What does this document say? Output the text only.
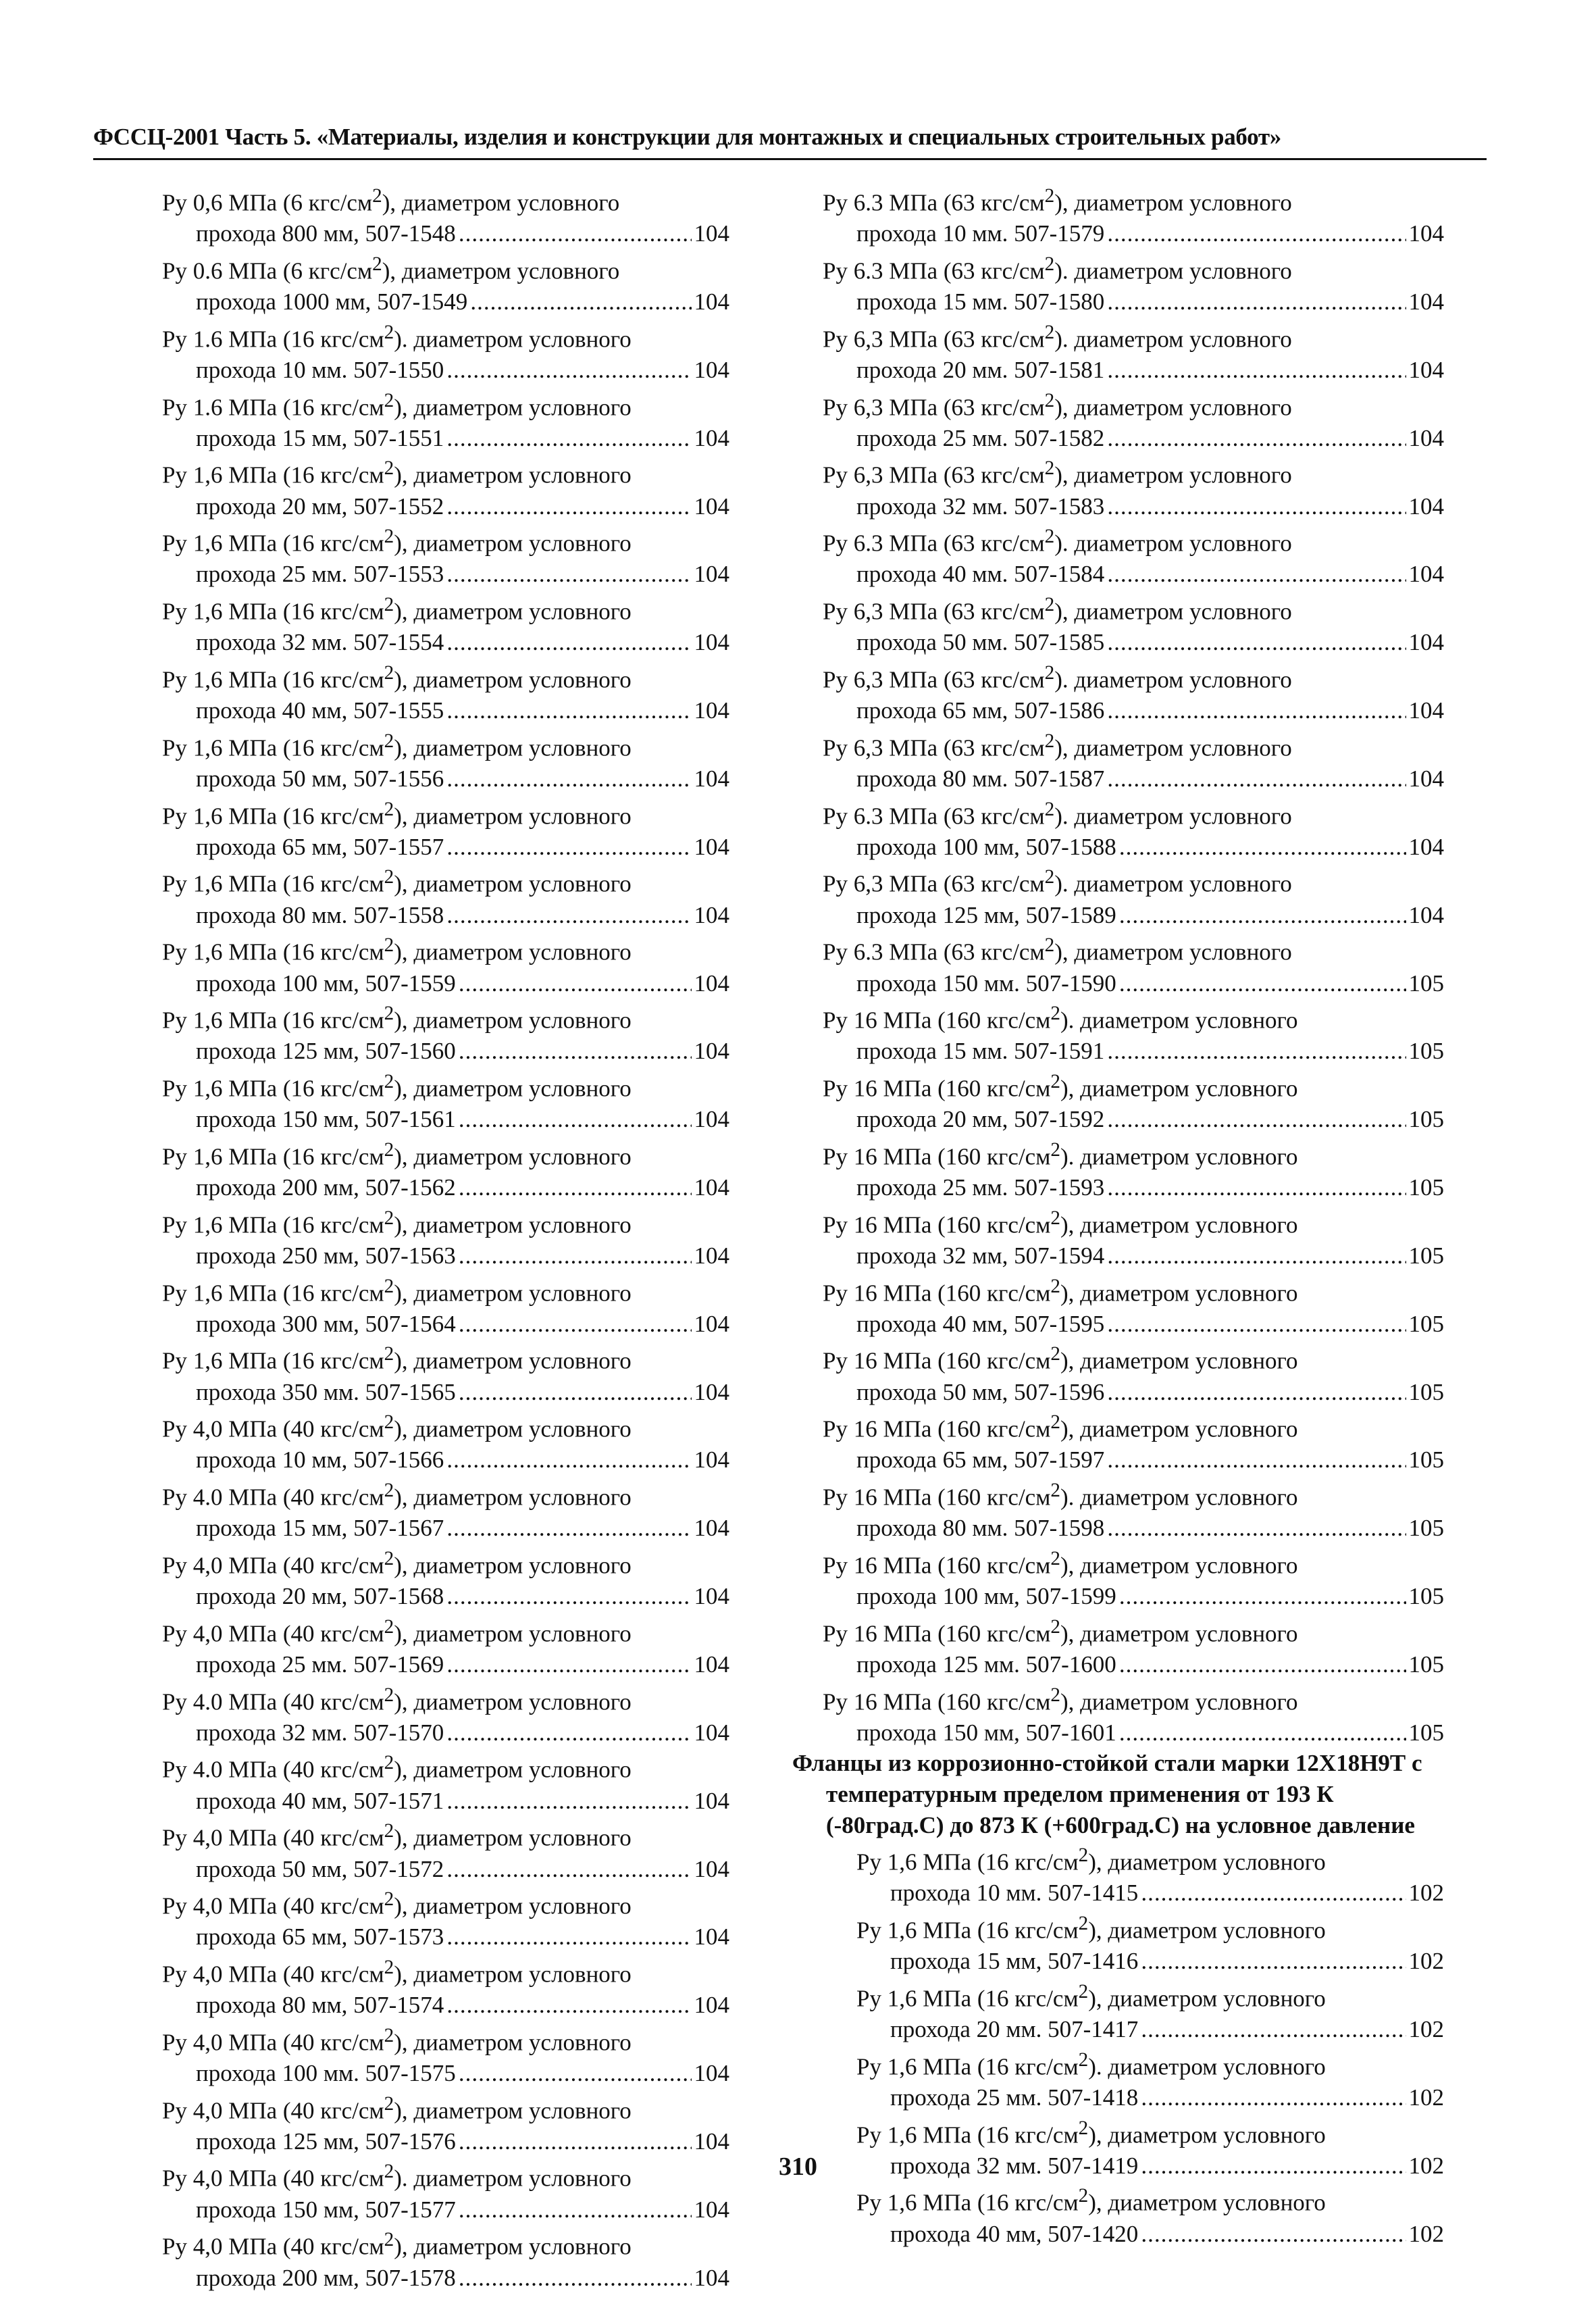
ФССЦ-2001 Часть 5. «Материалы, изделия и конструкции для монтажных и специальных строительных работ»
Ру 0,6 МПа (6 кгс/$см^2$), диаметром условного
прохода 800 мм, 507-1548 .....	104
Ру 0.6 МПа (6 кгс/$см^2$), диаметром условного
прохода 1000 мм, 507-1549 .....	104
Ру 1.6 МПа (16 кгс/$см^2$). диаметром условного
прохода 10 мм. 507-1550 .....	104
Ру 1.6 МПа (16 кгс/$см^2$), диаметром условного
прохода 15 мм, 507-1551 .....	104
Ру 1,6 МПа (16 кгс/$см^2$), диаметром условного
прохода 20 мм, 507-1552 .....	104
Ру 1,6 МПа (16 кгс/$см^2$), диаметром условного
прохода 25 мм. 507-1553 .....	104
Ру 1,6 МПа (16 кгс/$см^2$), диаметром условного
прохода 32 мм. 507-1554 .....	104
Ру 1,6 МПа (16 кгс/$см^2$), диаметром условного
прохода 40 мм, 507-1555 .....	104
Ру 1,6 МПа (16 кгс/$см^2$), диаметром условного
прохода 50 мм, 507-1556 .....	104
Ру 1,6 МПа (16 кгс/$см^2$), диаметром условного
прохода 65 мм, 507-1557 .....	104
Ру 1,6 МПа (16 кгс/$см^2$), диаметром условного
прохода 80 мм. 507-1558 .....	104
Ру 1,6 МПа (16 кгс/$см^2$), диаметром условного
прохода 100 мм, 507-1559 .....	104
Ру 1,6 МПа (16 кгс/$см^2$), диаметром условного
прохода 125 мм, 507-1560 .....	104
Ру 1,6 МПа (16 кгс/$см^2$), диаметром условного
прохода 150 мм, 507-1561 .....	104
Ру 1,6 МПа (16 кгс/$см^2$), диаметром условного
прохода 200 мм, 507-1562 .....	104
Ру 1,6 МПа (16 кгс/$см^2$), диаметром условного
прохода 250 мм, 507-1563 .....	104
Ру 1,6 МПа (16 кгс/$см^2$), диаметром условного
прохода 300 мм, 507-1564 .....	104
Ру 1,6 МПа (16 кгс/$см^2$), диаметром условного
прохода 350 мм. 507-1565 .....	104
Ру 4,0 МПа (40 кгс/$см^2$), диаметром условного
прохода 10 мм, 507-1566 .....	104
Ру 4.0 МПа (40 кгс/$см^2$), диаметром условного
прохода 15 мм, 507-1567 .....	104
Ру 4,0 МПа (40 кгс/$см^2$), диаметром условного
прохода 20 мм, 507-1568 .....	104
Ру 4,0 МПа (40 кгс/$см^2$), диаметром условного
прохода 25 мм. 507-1569 .....	104
Ру 4.0 МПа (40 кгс/$см^2$), диаметром условного
прохода 32 мм. 507-1570 .....	104
Ру 4.0 МПа (40 кгс/$см^2$), диаметром условного
прохода 40 мм, 507-1571 .....	104
Ру 4,0 МПа (40 кгс/$см^2$), диаметром условного
прохода 50 мм, 507-1572 .....	104
Ру 4,0 МПа (40 кгс/$см^2$), диаметром условного
прохода 65 мм, 507-1573 .....	104
Ру 4,0 МПа (40 кгс/$см^2$), диаметром условного
прохода 80 мм, 507-1574 .....	104
Ру 4,0 МПа (40 кгс/$см^2$), диаметром условного
прохода 100 мм. 507-1575 .....	104
Ру 4,0 МПа (40 кгс/$см^2$), диаметром условного
прохода 125 мм, 507-1576 .....	104
Ру 4,0 МПа (40 кгс/$см^2$). диаметром условного
прохода 150 мм, 507-1577 .....	104
Ру 4,0 МПа (40 кгс/$см^2$), диаметром условного
прохода 200 мм, 507-1578 .....	104
Ру 6.3 МПа (63 кгс/$см^2$), диаметром условного
прохода 10 мм. 507-1579 .....	104
Ру 6.3 МПа (63 кгс/$см^2$). диаметром условного
прохода 15 мм. 507-1580 .....	104
Ру 6,3 МПа (63 кгс/$см^2$). диаметром условного
прохода 20 мм. 507-1581 .....	104
Ру 6,3 МПа (63 кгс/$см^2$), диаметром условного
прохода 25 мм. 507-1582 .....	104
Ру 6,3 МПа (63 кгс/$см^2$), диаметром условного
прохода 32 мм. 507-1583 .....	104
Ру 6.3 МПа (63 кгс/$см^2$). диаметром условного
прохода 40 мм. 507-1584 .....	104
Ру 6,3 МПа (63 кгс/$см^2$), диаметром условного
прохода 50 мм. 507-1585 .....	104
Ру 6,3 МПа (63 кгс/$см^2$). диаметром условного
прохода 65 мм, 507-1586 .....	104
Ру 6,3 МПа (63 кгс/$см^2$), диаметром условного
прохода 80 мм. 507-1587 .....	104
Ру 6.3 МПа (63 кгс/$см^2$). диаметром условного
прохода 100 мм, 507-1588 .....	104
Ру 6,3 МПа (63 кгс/$см^2$). диаметром условного
прохода 125 мм, 507-1589 .....	104
Ру 6.3 МПа (63 кгс/$см^2$), диаметром условного
прохода 150 мм. 507-1590 .....	105
Ру 16 МПа (160 кгс/$см^2$). диаметром условного
прохода 15 мм. 507-1591 .....	105
Ру 16 МПа (160 кгс/$см^2$), диаметром условного
прохода 20 мм, 507-1592 .....	105
Ру 16 МПа (160 кгс/$см^2$). диаметром условного
прохода 25 мм. 507-1593 .....	105
Ру 16 МПа (160 кгс/$см^2$), диаметром условного
прохода 32 мм, 507-1594 .....	105
Ру 16 МПа (160 кгс/$см^2$), диаметром условного
прохода 40 мм, 507-1595 .....	105
Ру 16 МПа (160 кгс/$см^2$), диаметром условного
прохода 50 мм, 507-1596 .....	105
Ру 16 МПа (160 кгс/$см^2$), диаметром условного
прохода 65 мм, 507-1597 .....	105
Ру 16 МПа (160 кгс/$см^2$). диаметром условного
прохода 80 мм. 507-1598 .....	105
Ру 16 МПа (160 кгс/$см^2$), диаметром условного
прохода 100 мм, 507-1599 .....	105
Ру 16 МПа (160 кгс/$см^2$), диаметром условного
прохода 125 мм. 507-1600 .....	105
Ру 16 МПа (160 кгс/$см^2$), диаметром условного
прохода 150 мм, 507-1601 .....	105
Фланцы из коррозионно-стойкой стали марки 12Х18Н9Т с температурным пределом применения от 193 К (-80град.С) до 873 К (+600град.С) на условное давление
Ру 1,6 МПа (16 кгс/$см^2$), диаметром условного
прохода 10 мм. 507-1415 .....	102
Ру 1,6 МПа (16 кгс/$см^2$), диаметром условного
прохода 15 мм, 507-1416 .....	102
Ру 1,6 МПа (16 кгс/$см^2$), диаметром условного
прохода 20 мм. 507-1417 .....	102
Ру 1,6 МПа (16 кгс/$см^2$). диаметром условного
прохода 25 мм. 507-1418 .....	102
Ру 1,6 МПа (16 кгс/$см^2$), диаметром условного
прохода 32 мм. 507-1419 .....	102
Ру 1,6 МПа (16 кгс/$см^2$), диаметром условного
прохода 40 мм, 507-1420 .....	102
310
